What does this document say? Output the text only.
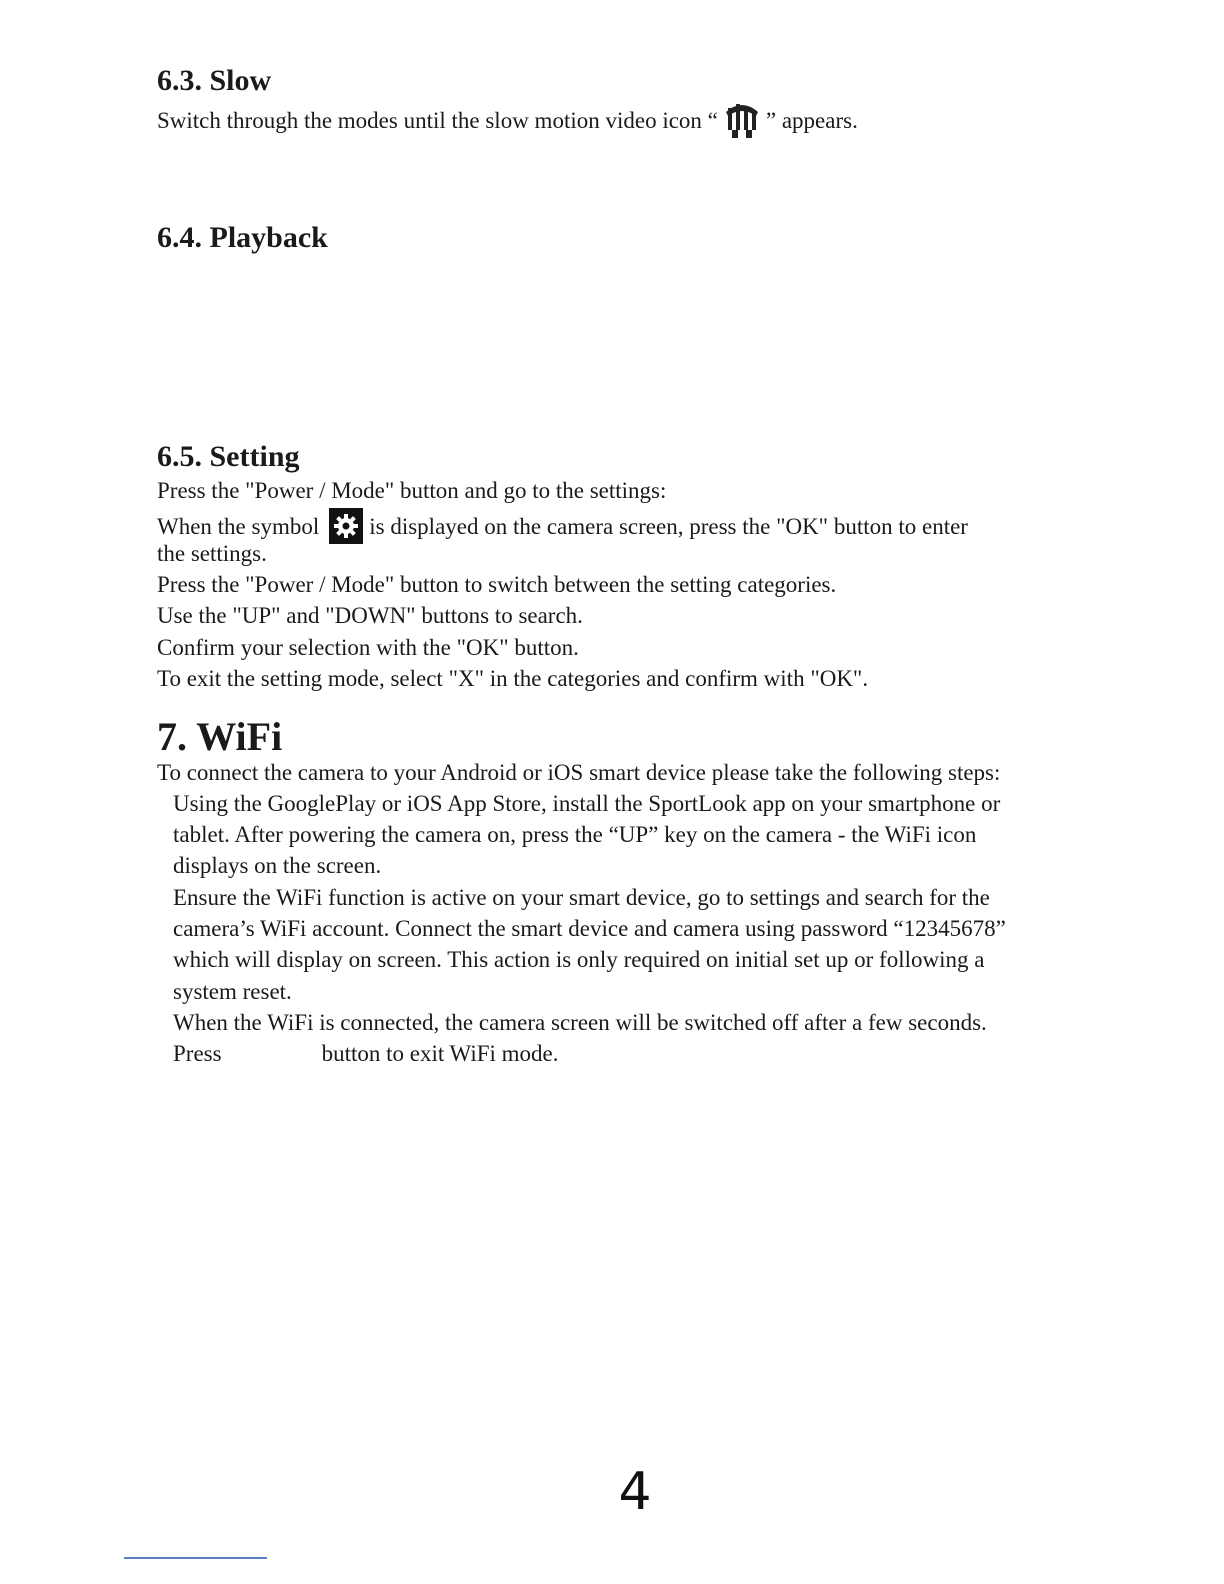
6.3. Slow

Switch through the modes until the slow motion video icon “ ” appears.

6.4. Playback
6.5. Setting

Press the "Power / Mode" button and go to the settings:

When the symbol is displayed on the camera screen, press the "OK" button to enter

the settings.

Press the "Power / Mode" button to switch between the setting categories.

Use the "UP" and "DOWN" buttons to search.

Confirm your selection with the "OK" button.

To exit the setting mode, select "X" in the categories and confirm with "OK".

7. WiFi

To connect the camera to your Android or iOS smart device please take the following steps:

Using the GooglePlay or iOS App Store, install the SportLook app on your smartphone or

tablet. After powering the camera on, press the “UP” key on the camera - the WiFi icon

displays on the screen.

Ensure the WiFi function is active on your smart device, go to settings and search for the

camera’s WiFi account. Connect the smart device and camera using password “12345678”

which will display on screen. This action is only required on initial set up or following a

system reset.

When the WiFi is connected, the camera screen will be switched off after a few seconds.

Press	button to exit WiFi mode.

4
